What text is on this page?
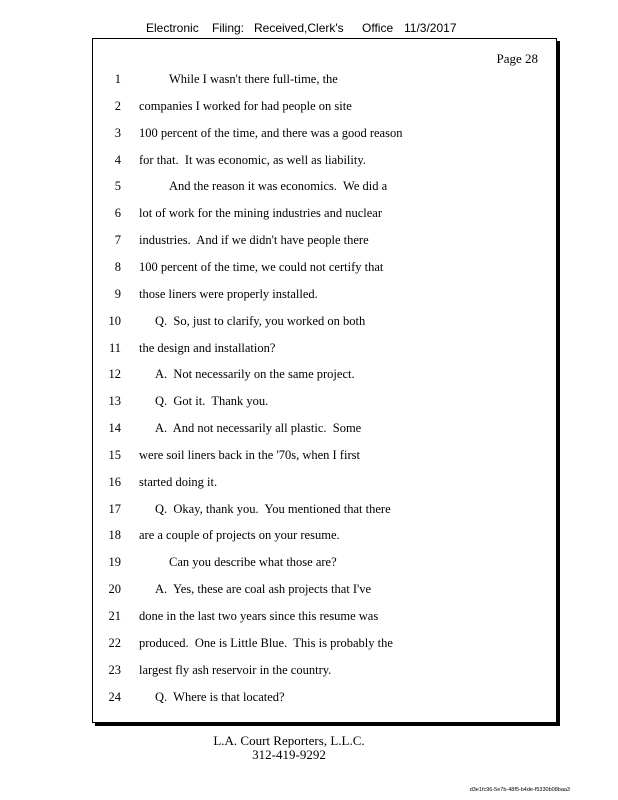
Electronic Filing: Received,Clerk's Office 11/3/2017
Page 28
1	While I wasn't there full-time, the
2 companies I worked for had people on site
3 100 percent of the time, and there was a good reason
4 for that.  It was economic, as well as liability.
5	And the reason it was economics.  We did a
6 lot of work for the mining industries and nuclear
7 industries.  And if we didn't have people there
8 100 percent of the time, we could not certify that
9 those liners were properly installed.
10	Q.  So, just to clarify, you worked on both
11 the design and installation?
12	A.  Not necessarily on the same project.
13	Q.  Got it.  Thank you.
14	A.  And not necessarily all plastic.  Some
15 were soil liners back in the '70s, when I first
16 started doing it.
17	Q.  Okay, thank you.  You mentioned that there
18 are a couple of projects on your resume.
19	Can you describe what those are?
20	A.  Yes, these are coal ash projects that I've
21 done in the last two years since this resume was
22 produced.  One is Little Blue.  This is probably the
23 largest fly ash reservoir in the country.
24	Q.  Where is that located?
L.A. Court Reporters, L.L.C.
312-419-9292
d3e1fc96-5e7b-48f5-b4de-f5330b08baa3
